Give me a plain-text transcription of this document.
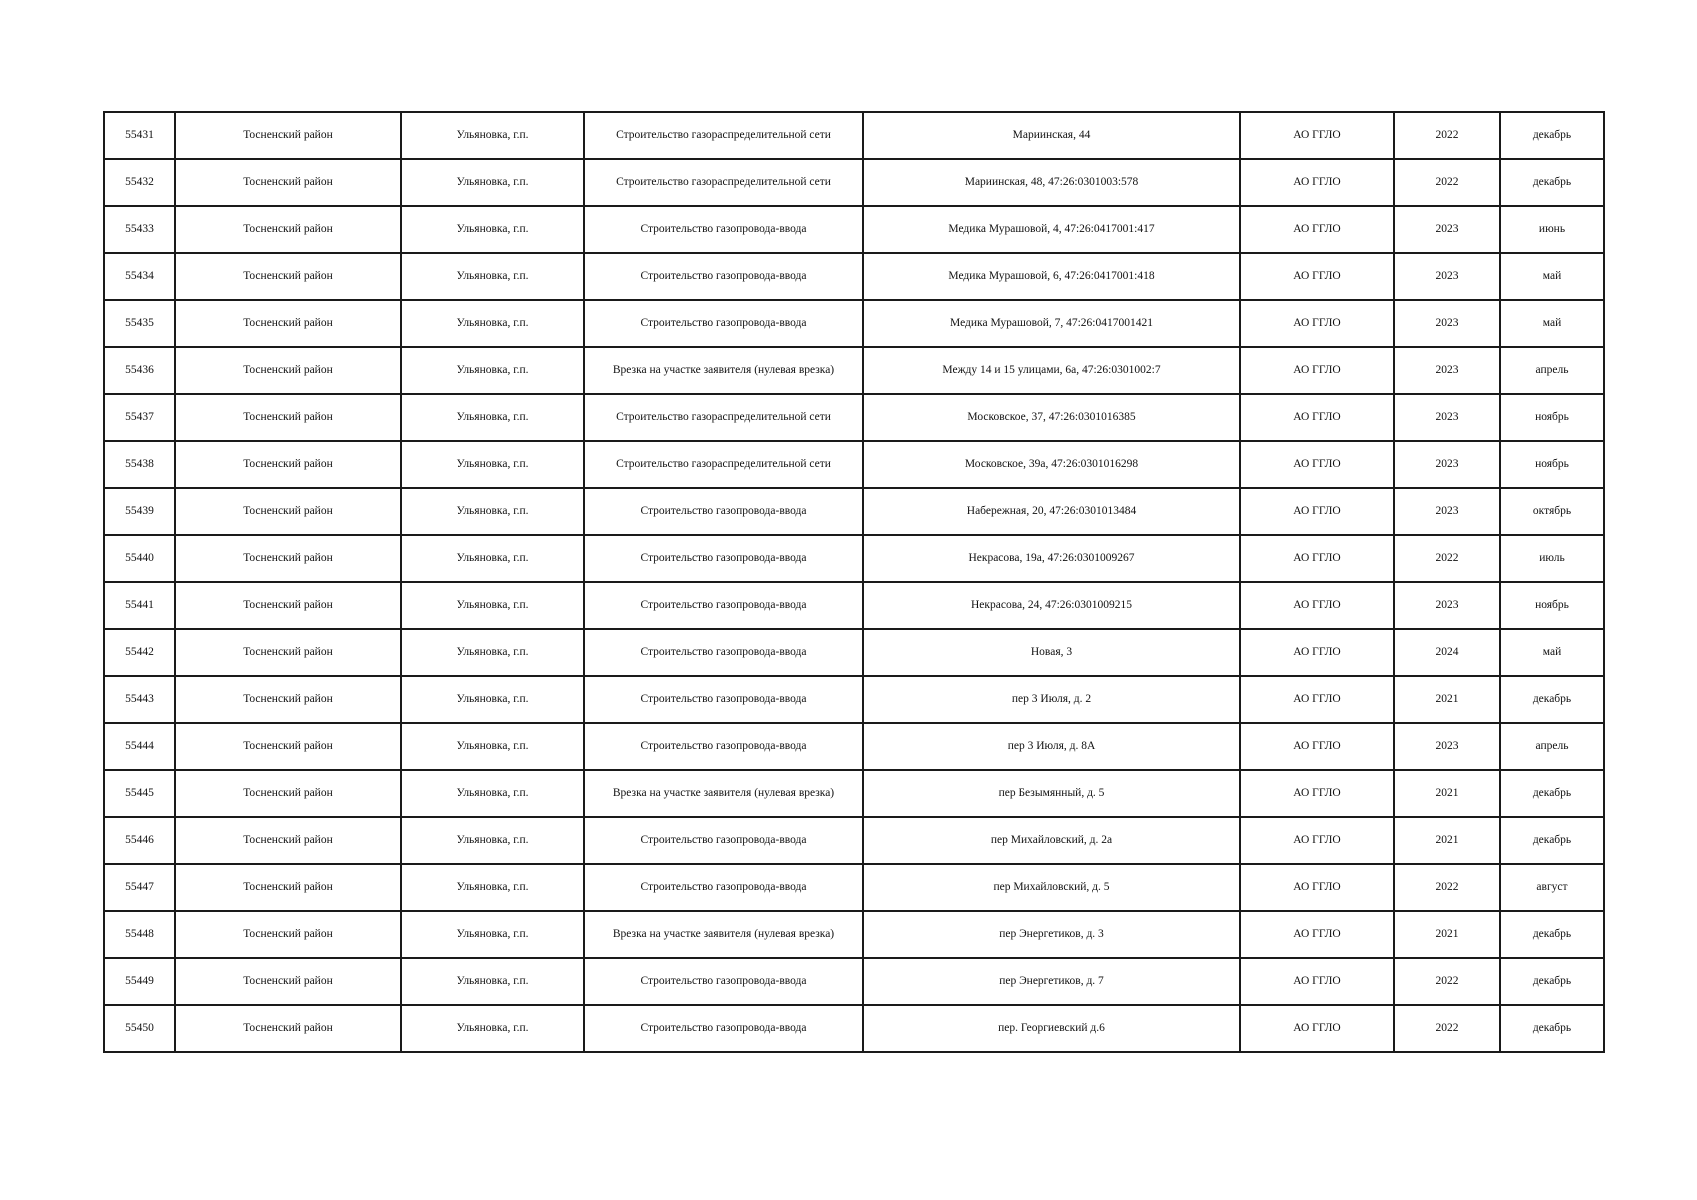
55431	Тосненский район	Ульяновка, г.п.	Строительство газораспределительной сети	Мариинская, 44	АО ГГЛО	2022	декабрь
55432	Тосненский район	Ульяновка, г.п.	Строительство газораспределительной сети	Мариинская, 48, 47:26:0301003:578	АО ГГЛО	2022	декабрь
55433	Тосненский район	Ульяновка, г.п.	Строительство газопровода-ввода	Медика Мурашовой, 4, 47:26:0417001:417	АО ГГЛО	2023	июнь
55434	Тосненский район	Ульяновка, г.п.	Строительство газопровода-ввода	Медика Мурашовой, 6, 47:26:0417001:418	АО ГГЛО	2023	май
55435	Тосненский район	Ульяновка, г.п.	Строительство газопровода-ввода	Медика Мурашовой, 7, 47:26:0417001421	АО ГГЛО	2023	май
55436	Тосненский район	Ульяновка, г.п.	Врезка на участке заявителя (нулевая врезка)	Между 14 и 15 улицами, 6а, 47:26:0301002:7	АО ГГЛО	2023	апрель
55437	Тосненский район	Ульяновка, г.п.	Строительство газораспределительной сети	Московское, 37, 47:26:0301016385	АО ГГЛО	2023	ноябрь
55438	Тосненский район	Ульяновка, г.п.	Строительство газораспределительной сети	Московское, 39а, 47:26:0301016298	АО ГГЛО	2023	ноябрь
55439	Тосненский район	Ульяновка, г.п.	Строительство газопровода-ввода	Набережная, 20, 47:26:0301013484	АО ГГЛО	2023	октябрь
55440	Тосненский район	Ульяновка, г.п.	Строительство газопровода-ввода	Некрасова, 19а, 47:26:0301009267	АО ГГЛО	2022	июль
55441	Тосненский район	Ульяновка, г.п.	Строительство газопровода-ввода	Некрасова, 24, 47:26:0301009215	АО ГГЛО	2023	ноябрь
55442	Тосненский район	Ульяновка, г.п.	Строительство газопровода-ввода	Новая, 3	АО ГГЛО	2024	май
55443	Тосненский район	Ульяновка, г.п.	Строительство газопровода-ввода	пер 3 Июля, д. 2	АО ГГЛО	2021	декабрь
55444	Тосненский район	Ульяновка, г.п.	Строительство газопровода-ввода	пер 3 Июля, д. 8А	АО ГГЛО	2023	апрель
55445	Тосненский район	Ульяновка, г.п.	Врезка на участке заявителя (нулевая врезка)	пер Безымянный, д. 5	АО ГГЛО	2021	декабрь
55446	Тосненский район	Ульяновка, г.п.	Строительство газопровода-ввода	пер Михайловский, д. 2а	АО ГГЛО	2021	декабрь
55447	Тосненский район	Ульяновка, г.п.	Строительство газопровода-ввода	пер Михайловский, д. 5	АО ГГЛО	2022	август
55448	Тосненский район	Ульяновка, г.п.	Врезка на участке заявителя (нулевая врезка)	пер Энергетиков, д. 3	АО ГГЛО	2021	декабрь
55449	Тосненский район	Ульяновка, г.п.	Строительство газопровода-ввода	пер Энергетиков, д. 7	АО ГГЛО	2022	декабрь
55450	Тосненский район	Ульяновка, г.п.	Строительство газопровода-ввода	пер. Георгиевский д.6	АО ГГЛО	2022	декабрь
